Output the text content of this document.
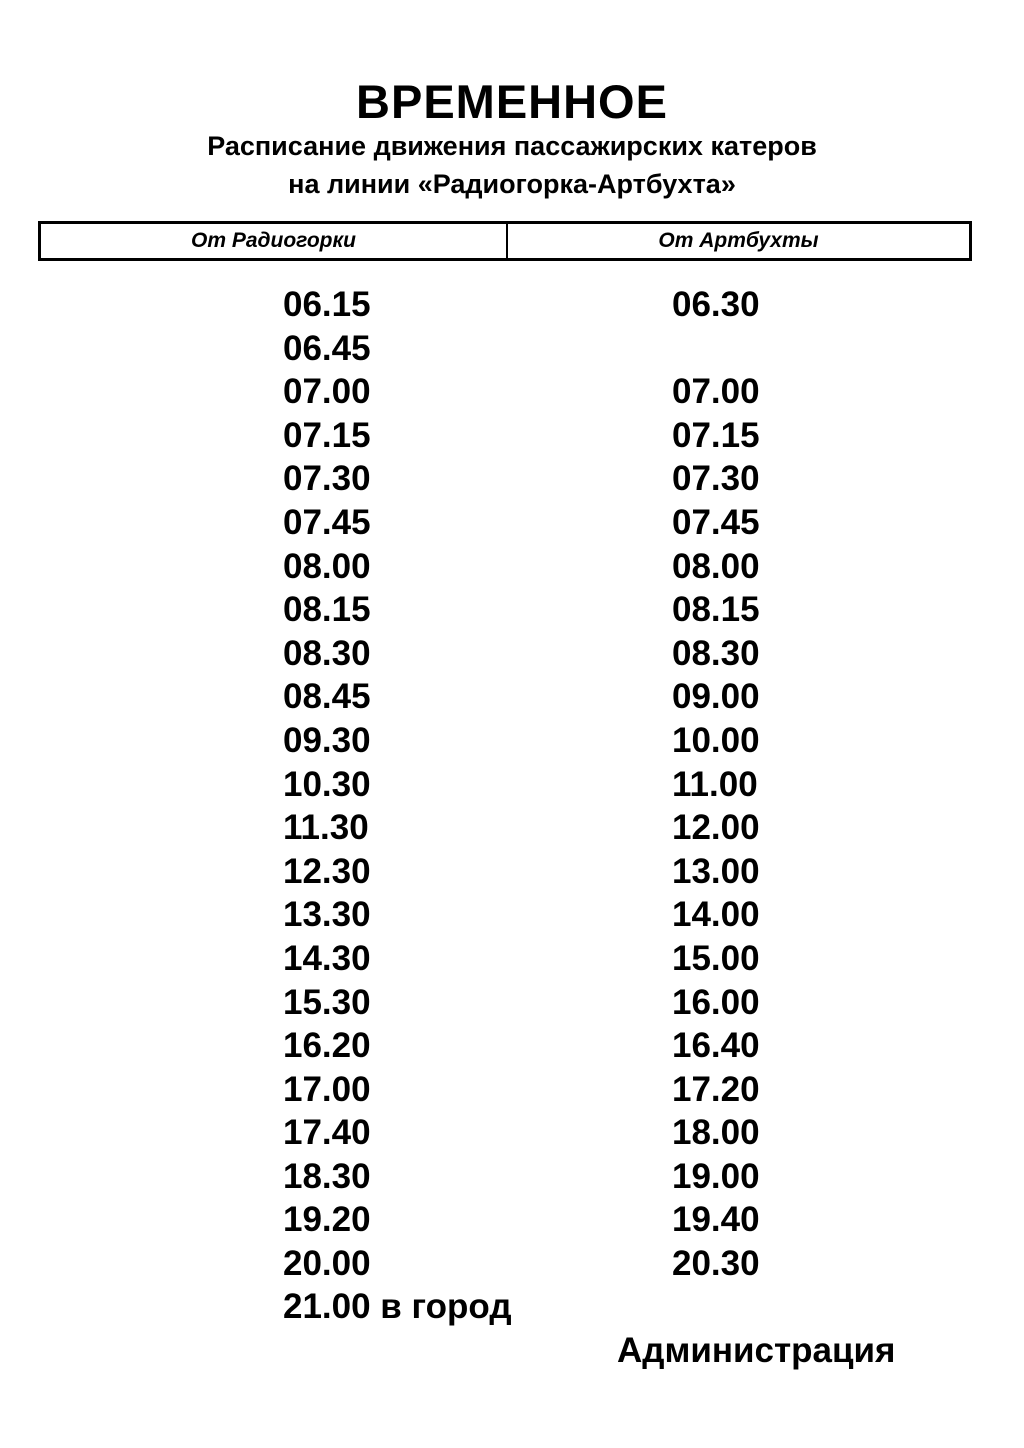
ВРЕМЕННОЕ
Расписание движения пассажирских катеров
на линии «Радиогорка-Артбухта»
От Радиогорки	От Артбухты
06.15
06.45
07.00
07.15
07.30
07.45
08.00
08.15
08.30
08.45
09.30
10.30
11.30
12.30
13.30
14.30
15.30
16.20
17.00
17.40
18.30
19.20
20.00
21.00 в город
06.30
07.00
07.15
07.30
07.45
08.00
08.15
08.30
09.00
10.00
11.00
12.00
13.00
14.00
15.00
16.00
16.40
17.20
18.00
19.00
19.40
20.30
Администрация
